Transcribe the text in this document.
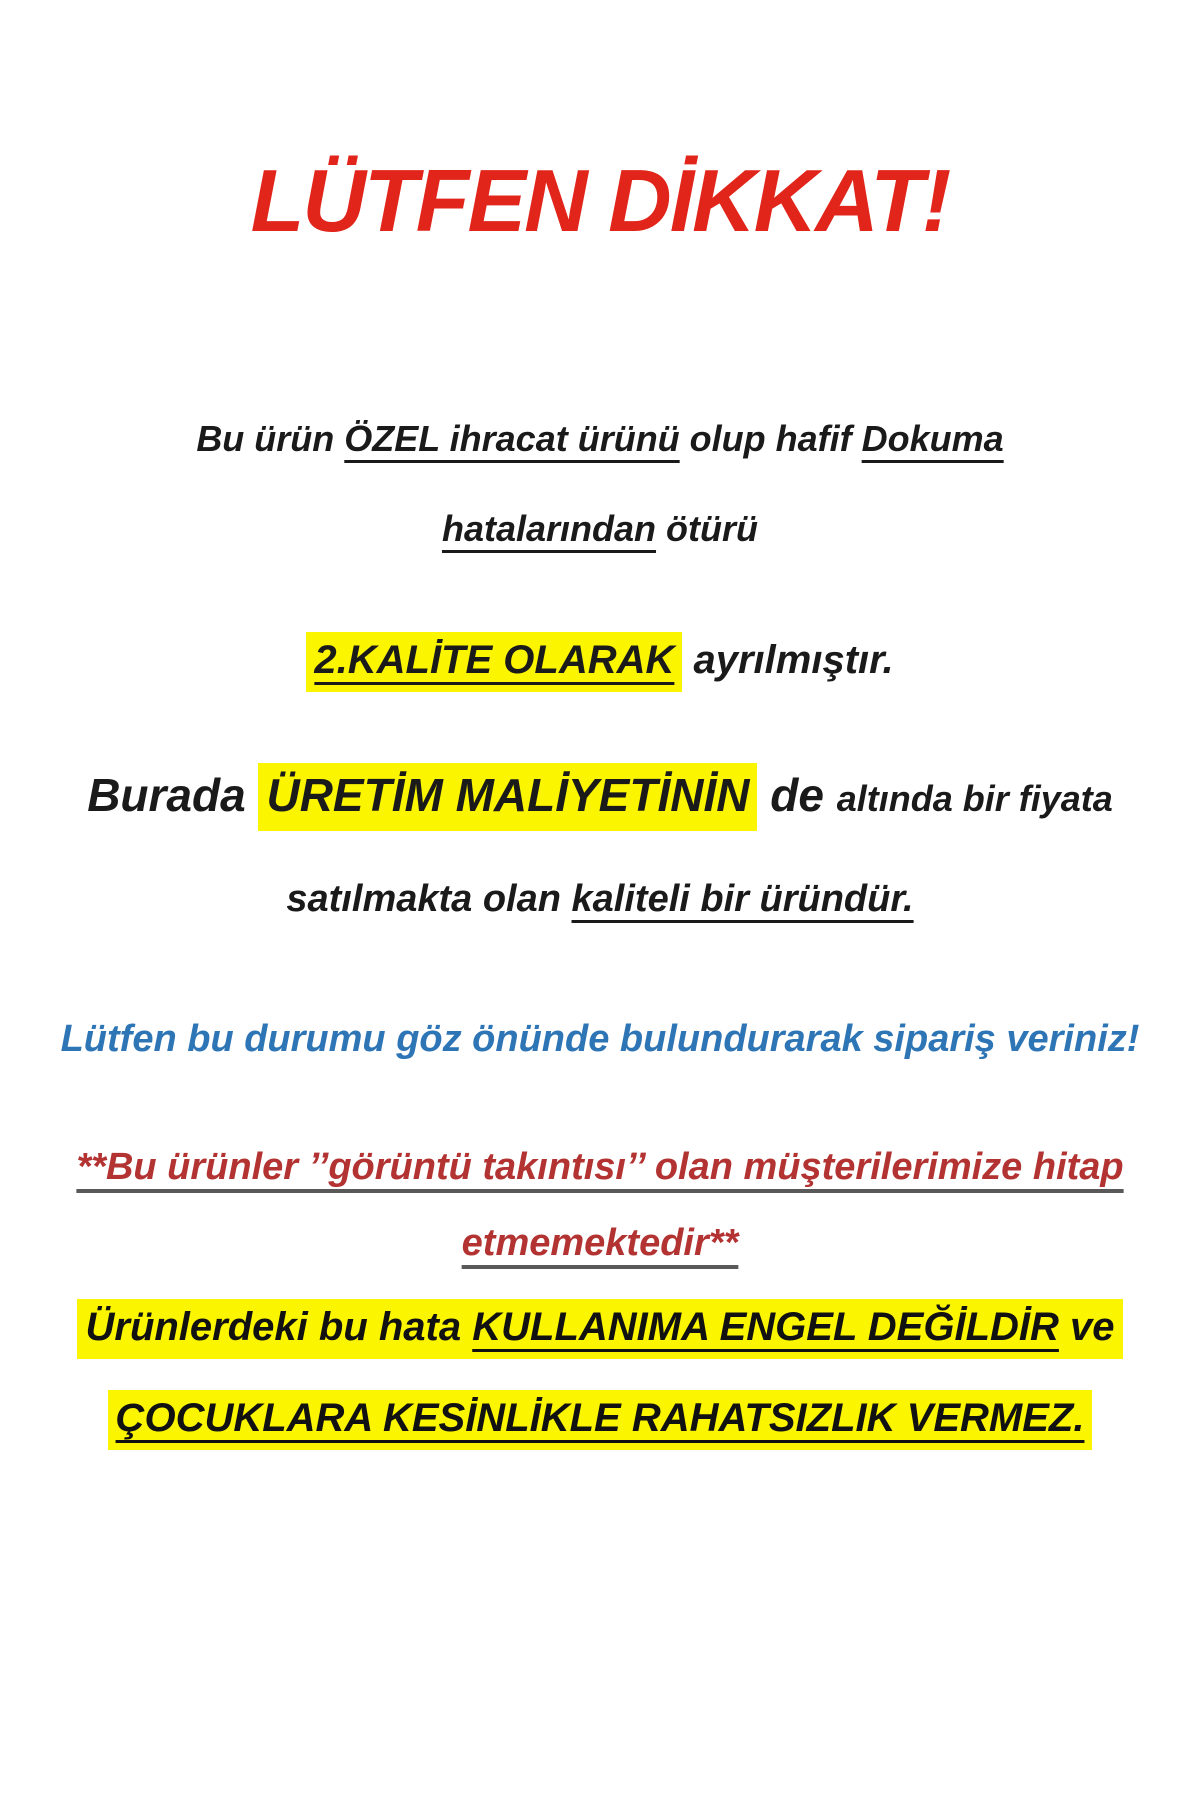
LÜTFEN DİKKAT!
Bu ürün ÖZEL ihracat ürünü olup hafif Dokuma
hatalarından ötürü
2.KALİTE OLARAK ayrılmıştır.
Burada ÜRETİM MALİYETİNİN de altında bir fiyata
satılmakta olan kaliteli bir üründür.
Lütfen bu durumu göz önünde bulundurarak sipariş veriniz!
**Bu ürünler ’’görüntü takıntısı’’ olan müşterilerimize hitap
etmemektedir**
Ürünlerdeki bu hata KULLANIMA ENGEL DEĞİLDİR ve
ÇOCUKLARA KESİNLİKLE RAHATSIZLIK VERMEZ.
